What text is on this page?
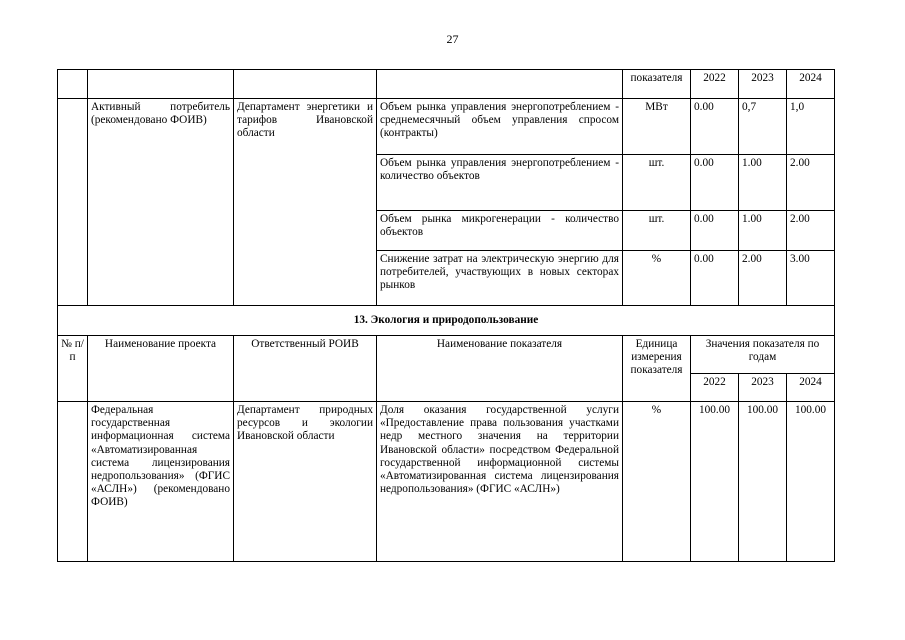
27
				показателя	2022	2023	2024
	Активный потребитель (рекомендовано ФОИВ)	Департамент энергетики и тарифов Ивановской области	Объем рынка управления энергопотреблением - среднемесячный объем управления спросом (контракты)	МВт	0.00	0,7	1,0
			Объем рынка управления энергопотреблением - количество объектов	шт.	0.00	1.00	2.00
			Объем рынка микрогенерации - количество объектов	шт.	0.00	1.00	2.00
			Снижение затрат на электрическую энергию для потребителей, участвующих в новых секторах рынков	%	0.00	2.00	3.00
13. Экология и природопользование							
№ п/п	Наименование проекта	Ответственный РОИВ	Наименование показателя	Единица измерения показателя	Значения показателя по годам		
					2022	2023	2024
	Федеральная государственная информационная система «Автоматизированная система лицензирования недропользования» (ФГИС «АСЛН») (рекомендовано ФОИВ)	Департамент природных ресурсов и экологии Ивановской области	Доля оказания государственной услуги «Предоставление права пользования участками недр местного значения на территории Ивановской области» посредством Федеральной государственной информационной системы «Автоматизированная система лицензирования недропользования» (ФГИС «АСЛН»)	%	100.00	100.00	100.00
